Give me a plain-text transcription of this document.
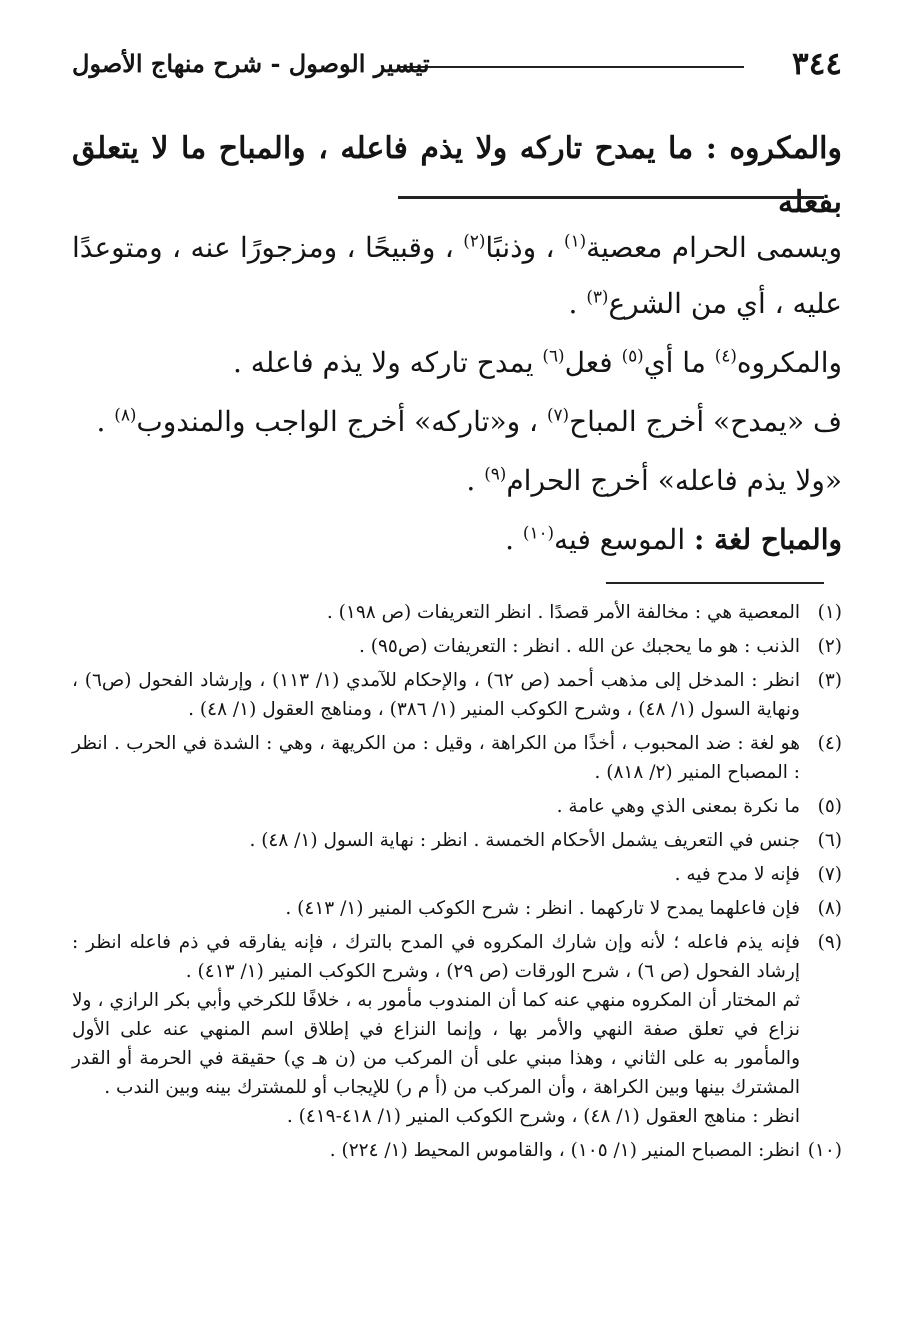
٣٤٤
تيسير الوصول - شرح منهاج الأصول
والمكروه : ما يمدح تاركه ولا يذم فاعله ، والمباح ما لا يتعلق بفعله

ويسمى الحرام معصية$^{(١)}$ ، وذنبًا$^{(٢)}$ ، وقبيحًا ، ومزجورًا عنه ، ومتوعدًا عليه ، أي من الشرع$^{(٣)}$ .

والمكروه$^{(٤)}$ ما أي$^{(٥)}$ فعل$^{(٦)}$ يمدح تاركه ولا يذم فاعله .

ف «يمدح» أخرج المباح$^{(٧)}$ ، و«تاركه» أخرج الواجب والمندوب$^{(٨)}$ .

«ولا يذم فاعله» أخرج الحرام$^{(٩)}$ .

والمباح لغة : الموسع فيه$^{(١٠)}$ .

(١)
المعصية هي : مخالفة الأمر قصدًا . انظر التعريفات (ص ١٩٨) .
(٢)
الذنب : هو ما يحجبك عن الله . انظر : التعريفات (ص٩٥) .
(٣)
انظر : المدخل إلى مذهب أحمد (ص ٦٢) ، والإحكام للآمدي (١/ ١١٣) ، وإرشاد الفحول (ص٦) ، ونهاية السول (١/ ٤٨) ، وشرح الكوكب المنير (١/ ٣٨٦) ، ومناهج العقول (١/ ٤٨) .
(٤)
هو لغة : ضد المحبوب ، أخذًا من الكراهة ، وقيل : من الكريهة ، وهي : الشدة في الحرب . انظر : المصباح المنير (٢/ ٨١٨) .
(٥)
ما نكرة بمعنى الذي وهي عامة .
(٦)
جنس في التعريف يشمل الأحكام الخمسة . انظر : نهاية السول (١/ ٤٨) .
(٧)
فإنه لا مدح فيه .
(٨)
فإن فاعلهما يمدح لا تاركهما . انظر : شرح الكوكب المنير (١/ ٤١٣) .
(٩)
فإنه يذم فاعله ؛ لأنه وإن شارك المكروه في المدح بالترك ، فإنه يفارقه في ذم فاعله انظر : إرشاد الفحول (ص ٦) ، شرح الورقات (ص ٢٩) ، وشرح الكوكب المنير (١/ ٤١٣) .
ثم المختار أن المكروه منهي عنه كما أن المندوب مأمور به ، خلافًا للكرخي وأبي بكر الرازي ، ولا نزاع في تعلق صفة النهي والأمر بها ، وإنما النزاع في إطلاق اسم المنهي عنه على الأول والمأمور به على الثاني ، وهذا مبني على أن المركب من (ن هـ ي) حقيقة في الحرمة أو القدر المشترك بينها وبين الكراهة ، وأن المركب من (أ م ر) للإيجاب أو للمشترك بينه وبين الندب .
انظر : مناهج العقول (١/ ٤٨) ، وشرح الكوكب المنير (١/ ٤١٨-٤١٩) .
(١٠)
انظر: المصباح المنير (١/ ١٠٥) ، والقاموس المحيط (١/ ٢٢٤) .
